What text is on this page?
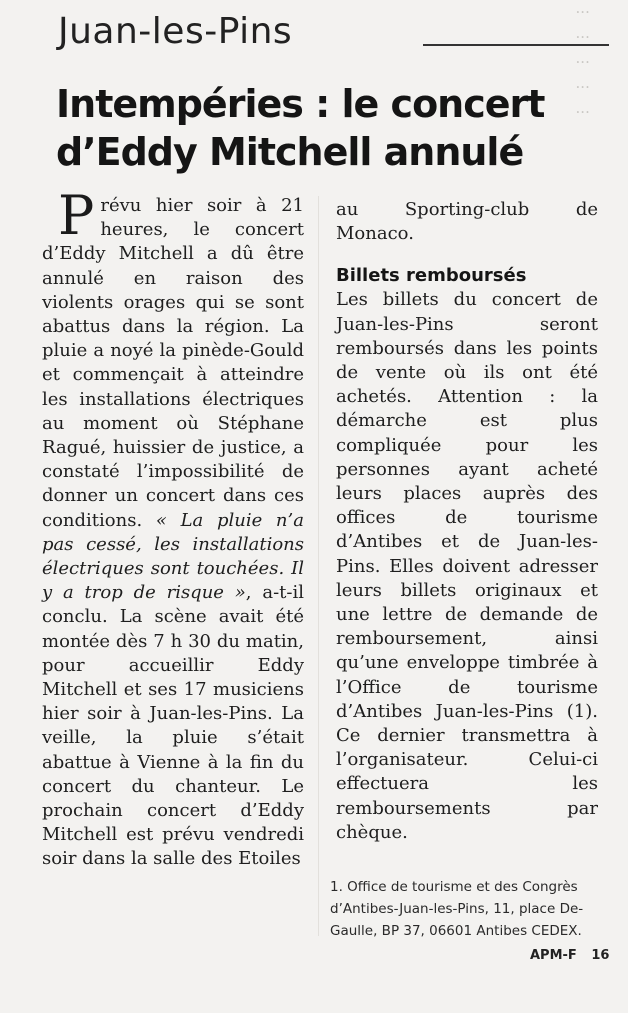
···
···
···
···
···
Juan-les-Pins
Intempéries : le concert
d’Eddy Mitchell annulé
P révu hier soir à 21 heures, le concert d’Eddy Mitchell a dû être annulé en raison des violents orages qui se sont abattus dans la région. La pluie a noyé la pinède-Gould et commençait à atteindre les installations électriques au moment où Stéphane Ragué, huissier de justice, a constaté l’impossibilité de donner un concert dans ces conditions. « La pluie n’a pas cessé, les installations électriques sont touchées. Il y a trop de risque », a-t-il conclu. La scène avait été montée dès 7 h 30 du matin, pour accueillir Eddy Mitchell et ses 17 musiciens hier soir à Juan-les-Pins. La veille, la pluie s’était abattue à Vienne à la fin du concert du chanteur. Le prochain concert d’Eddy Mitchell est prévu vendredi soir dans la salle des Etoiles
au Sporting-club de Monaco.
Billets remboursés
Les billets du concert de Juan-les-Pins seront remboursés dans les points de vente où ils ont été achetés. Attention : la démarche est plus compliquée pour les personnes ayant acheté leurs places auprès des offices de tourisme d’Antibes et de Juan-les-Pins. Elles doivent adresser leurs billets originaux et une lettre de demande de remboursement, ainsi qu’une enveloppe timbrée à l’Office de tourisme d’Antibes Juan-les-Pins (1). Ce dernier transmettra à l’organisateur. Celui-ci effectuera les remboursements par chèque.
1. Office de tourisme et des Congrès d’Antibes-Juan-les-Pins, 11, place De-Gaulle, BP 37, 06601 Antibes CEDEX.
APM-F 16
